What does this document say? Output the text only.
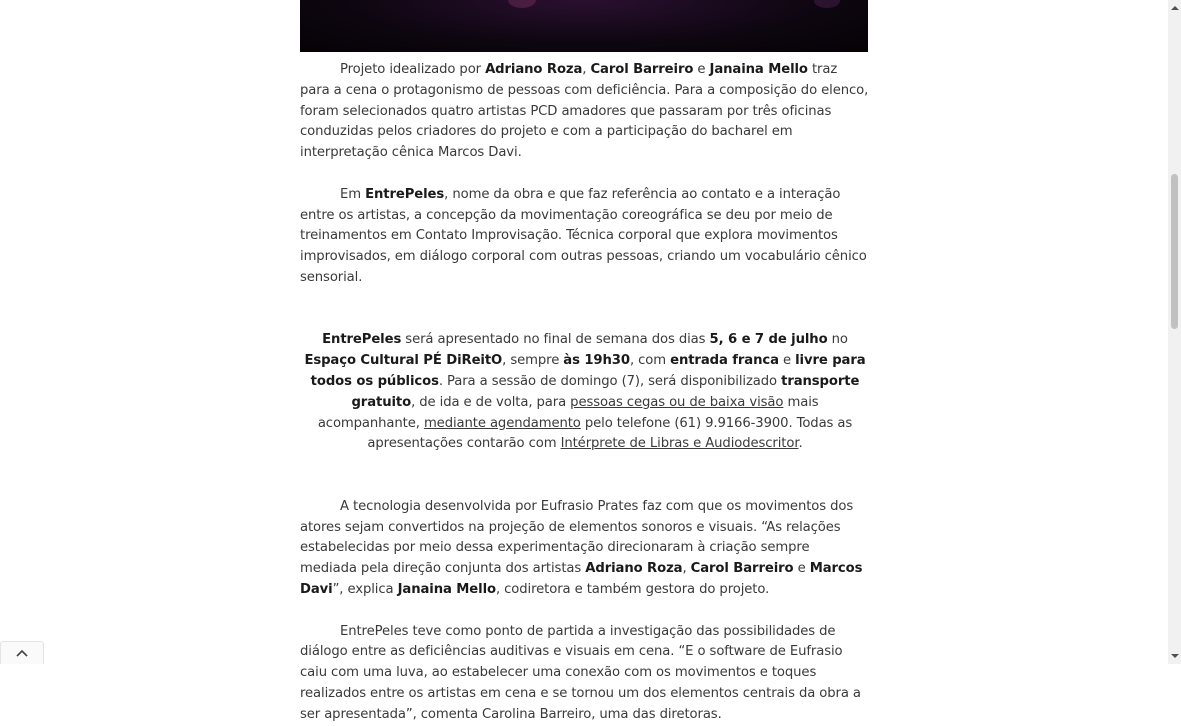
Projeto idealizado por Adriano Roza, Carol Barreiro e Janaina Mello traz para a cena o protagonismo de pessoas com deficiência. Para a composição do elenco, foram selecionados quatro artistas PCD amadores que passaram por três oficinas conduzidas pelos criadores do projeto e com a participação do bacharel em interpretação cênica Marcos Davi.

Em EntrePeles, nome da obra e que faz referência ao contato e a interação entre os artistas, a concepção da movimentação coreográfica se deu por meio de treinamentos em Contato Improvisação. Técnica corporal que explora movimentos improvisados, em diálogo corporal com outras pessoas, criando um vocabulário cênico sensorial.

EntrePeles será apresentado no final de semana dos dias 5, 6 e 7 de julho no Espaço Cultural PÉ DiReitO, sempre às 19h30, com entrada franca e livre para todos os públicos. Para a sessão de domingo (7), será disponibilizado transporte gratuito, de ida e de volta, para pessoas cegas ou de baixa visão mais acompanhante, mediante agendamento pelo telefone (61) 9.9166-3900. Todas as apresentações contarão com Intérprete de Libras e Audiodescritor.

A tecnologia desenvolvida por Eufrasio Prates faz com que os movimentos dos atores sejam convertidos na projeção de elementos sonoros e visuais. “As relações estabelecidas por meio dessa experimentação direcionaram à criação sempre mediada pela direção conjunta dos artistas Adriano Roza, Carol Barreiro e Marcos Davi”, explica Janaina Mello, codiretora e também gestora do projeto.

EntrePeles teve como ponto de partida a investigação das possibilidades de diálogo entre as deficiências auditivas e visuais em cena. “E o software de Eufrasio caiu com uma luva, ao estabelecer uma conexão com os movimentos e toques realizados entre os artistas em cena e se tornou um dos elementos centrais da obra a ser apresentada”, comenta Carolina Barreiro, uma das diretoras.
